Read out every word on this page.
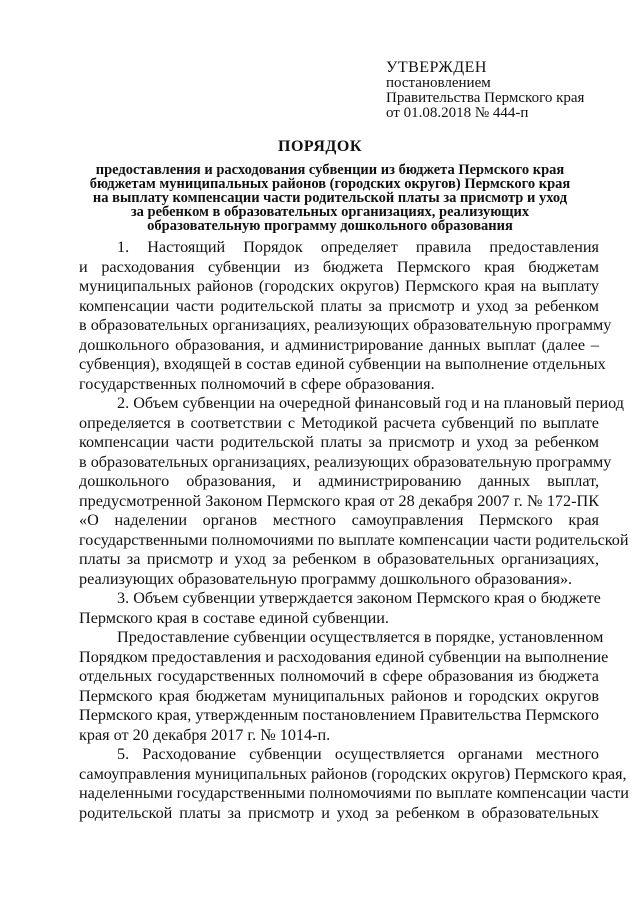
УТВЕРЖДЕН
постановлением
Правительства Пермского края
от 01.08.2018 № 444-п
ПОРЯДОК
предоставления и расходования субвенции из бюджета Пермского края
бюджетам муниципальных районов (городских округов) Пермского края
на выплату компенсации части родительской платы за присмотр и уход
за ребенком в образовательных организациях, реализующих
образовательную программу дошкольного образования
1. Настоящий Порядок определяет правила предоставления
и расходования субвенции из бюджета Пермского края бюджетам
муниципальных районов (городских округов) Пермского края на выплату
компенсации части родительской платы за присмотр и уход за ребенком
в образовательных организациях, реализующих образовательную программу
дошкольного образования, и администрирование данных выплат (далее –
субвенция), входящей в состав единой субвенции на выполнение отдельных
государственных полномочий в сфере образования.
2. Объем субвенции на очередной финансовый год и на плановый период
определяется в соответствии с Методикой расчета субвенций по выплате
компенсации части родительской платы за присмотр и уход за ребенком
в образовательных организациях, реализующих образовательную программу
дошкольного образования, и администрированию данных выплат,
предусмотренной Законом Пермского края от 28 декабря 2007 г. № 172-ПК
«О наделении органов местного самоуправления Пермского края
государственными полномочиями по выплате компенсации части родительской
платы за присмотр и уход за ребенком в образовательных организациях,
реализующих образовательную программу дошкольного образования».
3. Объем субвенции утверждается законом Пермского края о бюджете
Пермского края в составе единой субвенции.
Предоставление субвенции осуществляется в порядке, установленном
Порядком предоставления и расходования единой субвенции на выполнение
отдельных государственных полномочий в сфере образования из бюджета
Пермского края бюджетам муниципальных районов и городских округов
Пермского края, утвержденным постановлением Правительства Пермского
края от 20 декабря 2017 г. № 1014-п.
5. Расходование субвенции осуществляется органами местного
самоуправления муниципальных районов (городских округов) Пермского края,
наделенными государственными полномочиями по выплате компенсации части
родительской платы за присмотр и уход за ребенком в образовательных
